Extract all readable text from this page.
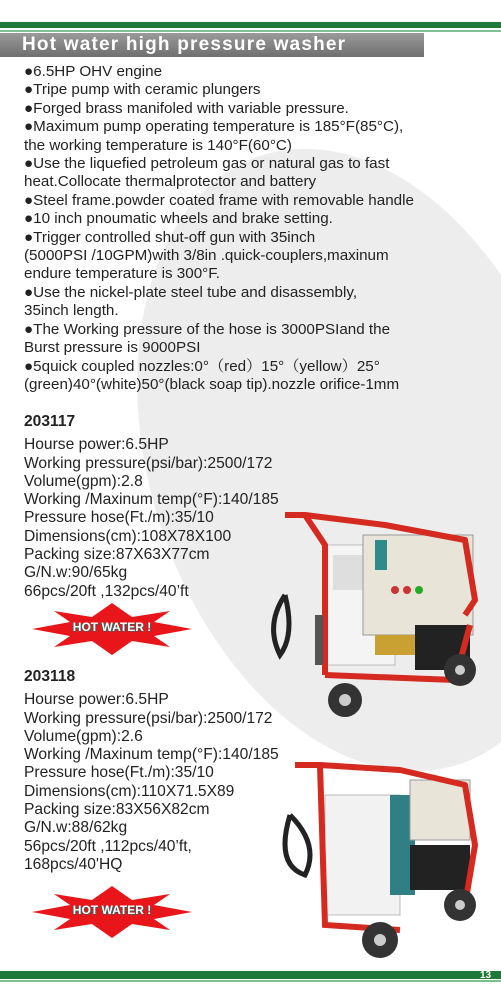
Hot water high pressure washer
●6.5HP OHV engine
●Tripe pump with ceramic plungers
●Forged brass manifoled with variable pressure.
●Maximum pump operating temperature is 185°F(85°C),
the working temperature is 140°F(60°C)
●Use the liquefied petroleum gas or natural gas to fast
heat.Collocate thermalprotector and battery
●Steel frame.powder coated frame with removable handle
●10 inch pnoumatic wheels and brake setting.
●Trigger controlled shut-off gun with 35inch
(5000PSI /10GPM)with 3/8in .quick-couplers,maxinum
endure temperature is 300°F.
●Use the nickel-plate steel tube and disassembly,
35inch length.
●The Working pressure of the hose is 3000PSIand the
Burst pressure is 9000PSI
●5quick coupled nozzles:0°（red）15°（yellow）25°
(green)40°(white)50°(black soap tip).nozzle orifice-1mm
203117
Hourse power:6.5HP
Working pressure(psi/bar):2500/172
Volume(gpm):2.8
Working /Maxinum temp(°F):140/185
Pressure hose(Ft./m):35/10
Dimensions(cm):108X78X100
Packing size:87X63X77cm
G/N.w:90/65kg
66pcs/20ft ,132pcs/40’ft
HOT WATER !
203118
Hourse power:6.5HP
Working pressure(psi/bar):2500/172
Volume(gpm):2.6
Working /Maxinum temp(°F):140/185
Pressure hose(Ft./m):35/10
Dimensions(cm):110X71.5X89
Packing size:83X56X82cm
G/N.w:88/62kg
56pcs/20ft ,112pcs/40’ft,
168pcs/40'HQ
HOT WATER !
13
